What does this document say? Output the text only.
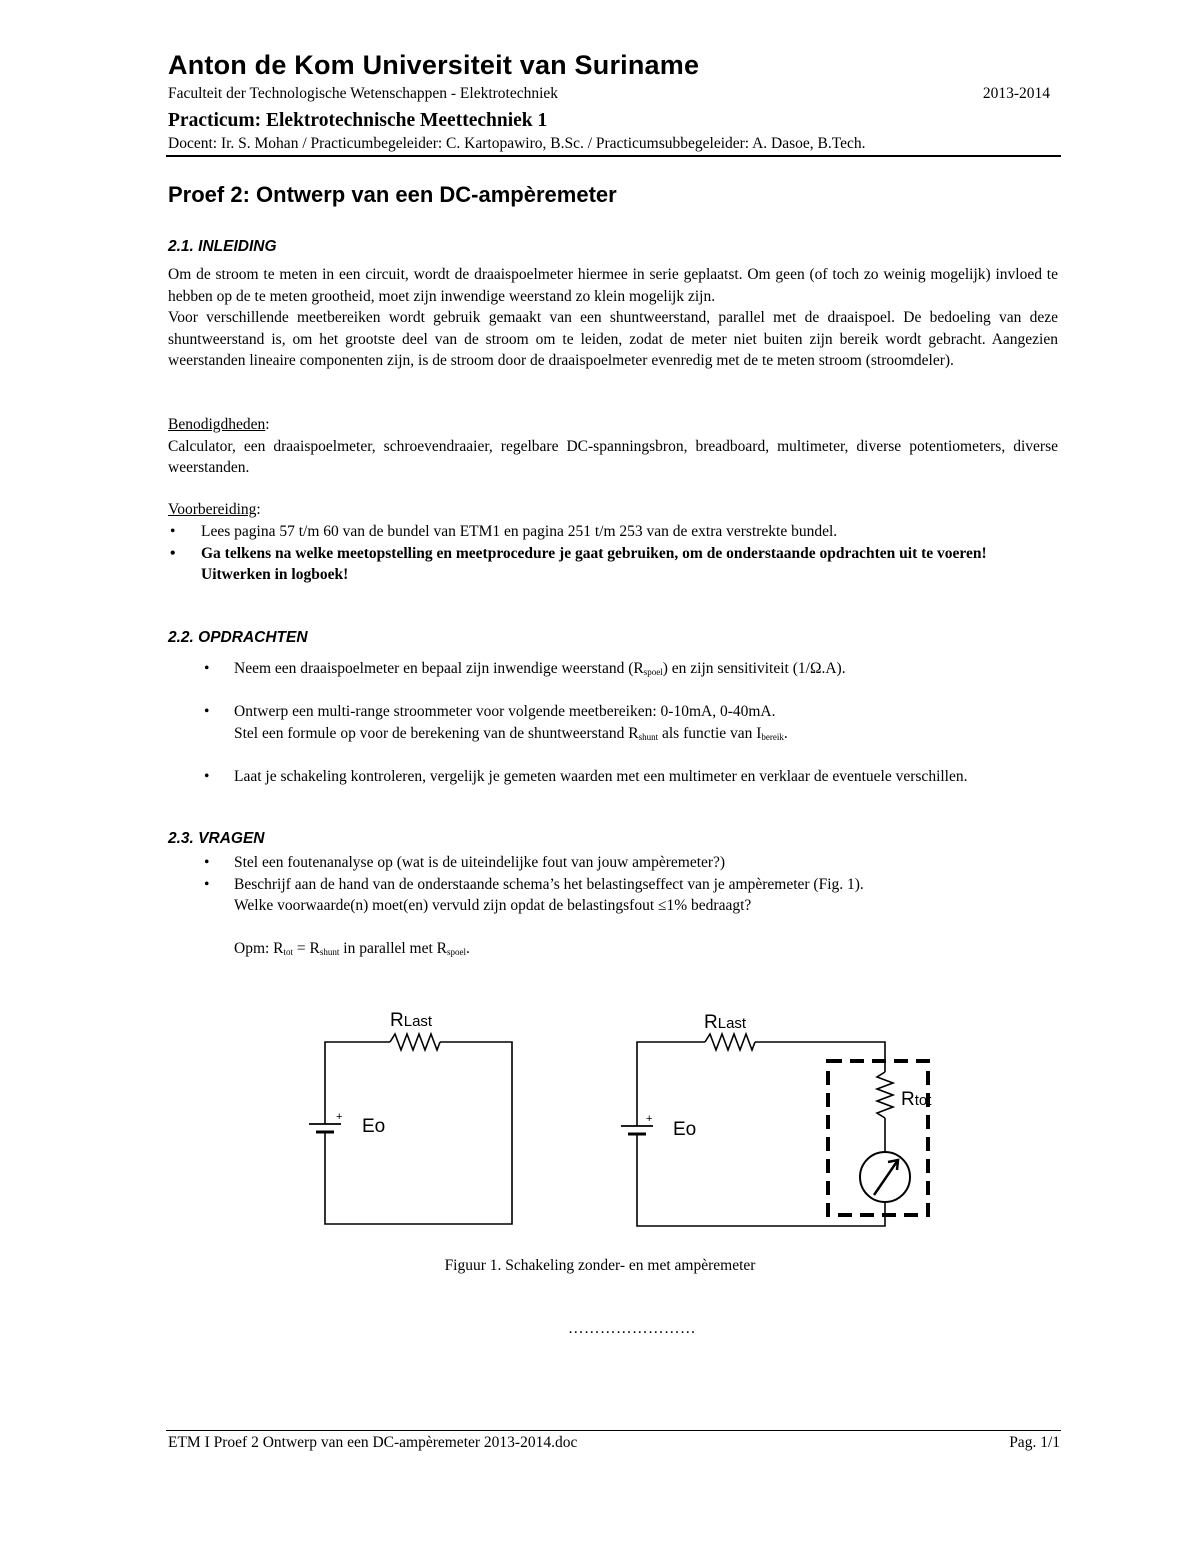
Anton de Kom Universiteit van Suriname
Faculteit der Technologische Wetenschappen - Elektrotechniek	2013-2014
Practicum: Elektrotechnische Meettechniek 1
Docent: Ir. S. Mohan / Practicumbegeleider: C. Kartopawiro, B.Sc. / Practicumsubbegeleider: A. Dasoe, B.Tech.
Proef 2: Ontwerp van een DC-ampèremeter
2.1. INLEIDING

Om de stroom te meten in een circuit, wordt de draaispoelmeter hiermee in serie geplaatst. Om geen (of toch zo weinig mogelijk) invloed te hebben op de te meten grootheid, moet zijn inwendige weerstand zo klein mogelijk zijn.

Voor verschillende meetbereiken wordt gebruik gemaakt van een shuntweerstand, parallel met de draaispoel. De bedoeling van deze shuntweerstand is, om het grootste deel van de stroom om te leiden, zodat de meter niet buiten zijn bereik wordt gebracht. Aangezien weerstanden lineaire componenten zijn, is de stroom door de draaispoelmeter evenredig met de te meten stroom (stroomdeler).

Benodigdheden:

Calculator, een draaispoelmeter, schroevendraaier, regelbare DC-spanningsbron, breadboard, multimeter, diverse potentiometers, diverse weerstanden.

Voorbereiding:

• Lees pagina 57 t/m 60 van de bundel van ETM1 en pagina 251 t/m 253 van de extra verstrekte bundel.
• Ga telkens na welke meetopstelling en meetprocedure je gaat gebruiken, om de onderstaande opdrachten uit te voeren! Uitwerken in logboek!
2.2. OPDRACHTEN
• Neem een draaispoelmeter en bepaal zijn inwendige weerstand $(R_{spoel})$ en zijn sensitiviteit (1/Ω.A).
• Ontwerp een multi-range stroommeter voor volgende meetbereiken: 0-10mA, 0-40mA.
Stel een formule op voor de berekening van de shuntweerstand $R_{shunt}$ als functie van $I_{bereik}$.
• Laat je schakeling kontroleren, vergelijk je gemeten waarden met een multimeter en verklaar de eventuele verschillen.
2.3. VRAGEN
• Stel een foutenanalyse op (wat is de uiteindelijke fout van jouw ampèremeter?)
• Beschrijf aan de hand van de onderstaande schema’s het belastingseffect van je ampèremeter (Fig. 1).
Welke voorwaarde(n) moet(en) vervuld zijn opdat de belastingsfout ≤1% bedraagt?
Opm: $R_{tot} = R_{shunt}$ in parallel met $R_{spoel}$.
RLast
+ Eo
RLast
+ Eo
Rtot
Figuur 1. Schakeling zonder- en met ampèremeter
……………………
ETM I Proef 2 Ontwerp van een DC-ampèremeter 2013-2014.doc	Pag. 1/1
